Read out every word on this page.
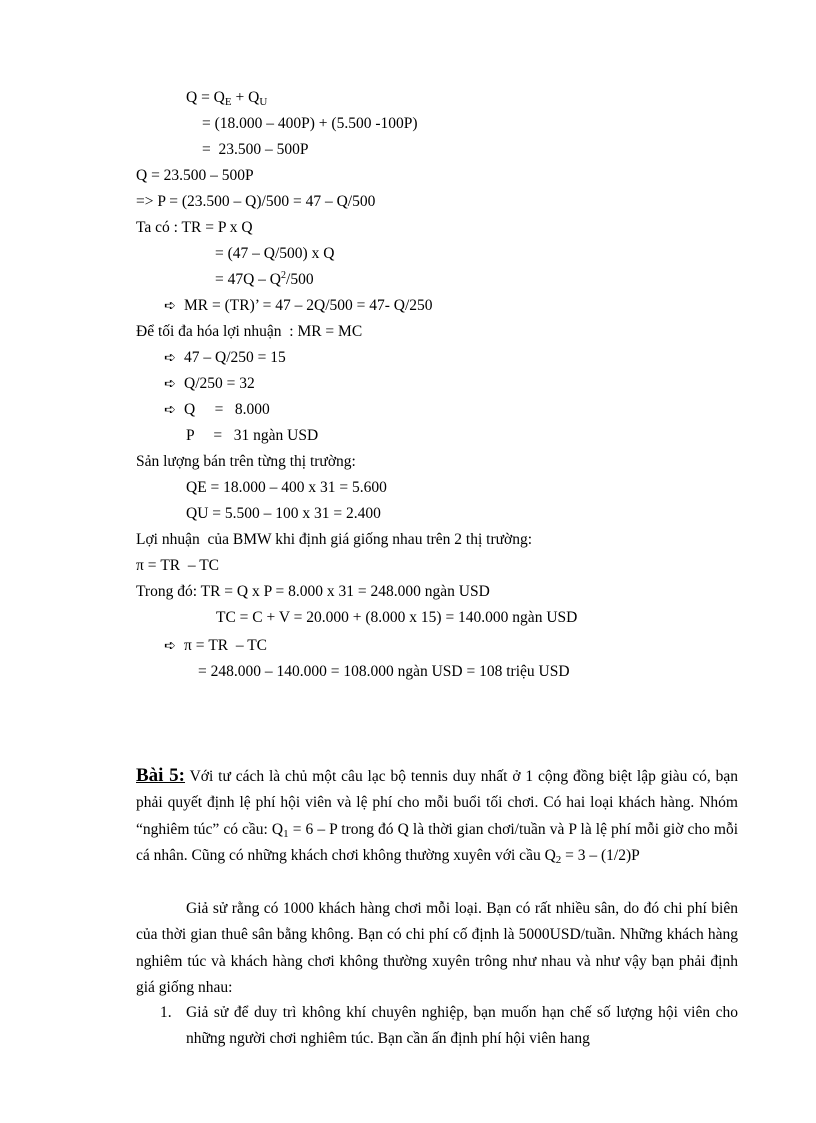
$Q = Q_E + Q_U$
= (18.000 – 400P) + (5.500 -100P)
=  23.500 – 500P
Q = 23.500 – 500P
=> P = (23.500 – Q)/500 = 47 – Q/500
Ta có : TR = P x Q
= (47 – Q/500) x Q
= $47Q - Q^2/500$
➪ MR = (TR)’ = 47 – 2Q/500 = 47- Q/250
Để tối đa hóa lợi nhuận  : MR = MC
➪ 47 – Q/250 = 15
➪ Q/250 = 32
➪ Q     =   8.000
P     =   31 ngàn USD
Sản lượng bán trên từng thị trường:
QE = 18.000 – 400 x 31 = 5.600
QU = 5.500 – 100 x 31 = 2.400
Lợi nhuận  của BMW khi định giá giống nhau trên 2 thị trường:
π = TR  – TC
Trong đó: TR = Q x P = 8.000 x 31 = 248.000 ngàn USD
TC = C + V = 20.000 + (8.000 x 15) = 140.000 ngàn USD
➪ π = TR  – TC
= 248.000 – 140.000 = 108.000 ngàn USD = 108 triệu USD
Bài 5: Với tư cách là chủ một câu lạc bộ tennis duy nhất ở 1 cộng đồng biệt lập giàu có, bạn phải quyết định lệ phí hội viên và lệ phí cho mỗi buổi tối chơi. Có hai loại khách hàng. Nhóm “nghiêm túc” có cầu: $Q_1 = 6 - P$ trong đó Q là thời gian chơi/tuần và P là lệ phí mỗi giờ cho mỗi cá nhân. Cũng có những khách chơi không thường xuyên với cầu $Q_2 = 3 - (1/2)P$
Giả sử rằng có 1000 khách hàng chơi mỗi loại. Bạn có rất nhiều sân, do đó chi phí biên của thời gian thuê sân bằng không. Bạn có chi phí cố định là 5000USD/tuần. Những khách hàng nghiêm túc và khách hàng chơi không thường xuyên trông như nhau và như vậy bạn phải định giá giống nhau:
1. Giả sử để duy trì không khí chuyên nghiệp, bạn muốn hạn chế số lượng hội viên cho những người chơi nghiêm túc. Bạn cần ấn định phí hội viên hang
